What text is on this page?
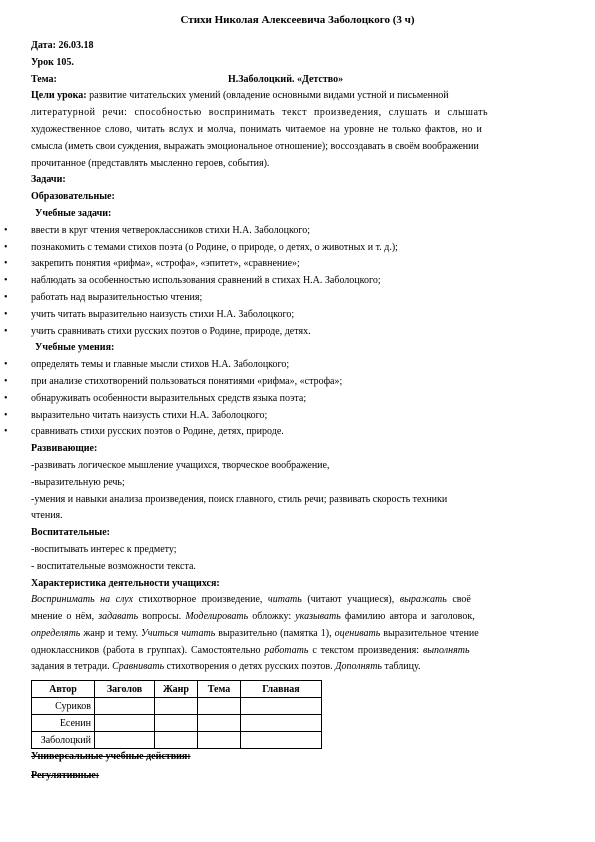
Стихи Николая Алексеевича Заболоцкого (3 ч)
Дата: 26.03.18
Урок 105.
Тема:	Н.Заболоцкий. «Детство»
Цели урока: развитие читательских умений (овладение основными видами устной и письменной
литературной речи: способностью воспринимать текст произведения, слушать и слышать
художественное слово, читать вслух и молча, понимать читаемое на уровне не только фактов, но и
смысла (иметь свои суждения, выражать эмоциональное отношение); воссоздавать в своём воображении
прочитанное (представлять мысленно героев, события).
Задачи:
Образовательные:
Учебные задачи:
• ввести в круг чтения четвероклассников стихи Н.А. Заболоцкого;
• познакомить с темами стихов поэта (о Родине, о природе, о детях, о животных и т. д.);
• закрепить понятия «рифма», «строфа», «эпитет», «сравнение»;
• наблюдать за особенностью использования сравнений в стихах Н.А. Заболоцкого;
• работать над выразительностью чтения;
• учить читать выразительно наизусть стихи Н.А. Заболоцкого;
• учить сравнивать стихи русских поэтов о Родине, природе, детях.
Учебные умения:
• определять темы и главные мысли стихов Н.А. Заболоцкого;
• при анализе стихотворений пользоваться понятиями «рифма», «строфа»;
• обнаруживать особенности выразительных средств языка поэта;
• выразительно читать наизусть стихи Н.А. Заболоцкого;
• сравнивать стихи русских поэтов о Родине, детях, природе.
Развивающие:
-развивать логическое мышление учащихся, творческое воображение,
-выразительную речь;
-умения и навыки анализа произведения, поиск главного, стиль речи; развивать скорость техники
чтения.
Воспитательные:
-воспитывать интерес к предмету;
- воспитательные возможности текста.
Характеристика деятельности учащихся:
Воспринимать на слух стихотворное произведение, читать (читают учащиеся), выражать своё
мнение о нём, задавать вопросы. Моделировать обложку: указывать фамилию автора и заголовок,
определять жанр и тему. Учиться читать выразительно (памятка 1), оценивать выразительное чтение
одноклассников (работа в группах). Самостоятельно работать с текстом произведения: выполнять
задания в тетради. Сравнивать стихотворения о детях русских поэтов. Дополнять таблицу.
Автор	Заголов	Жанр	Тема	Главная
Суриков				
Есенин				
Заболоцкий				
Универсальные учебные действия:
Регулятивные:
